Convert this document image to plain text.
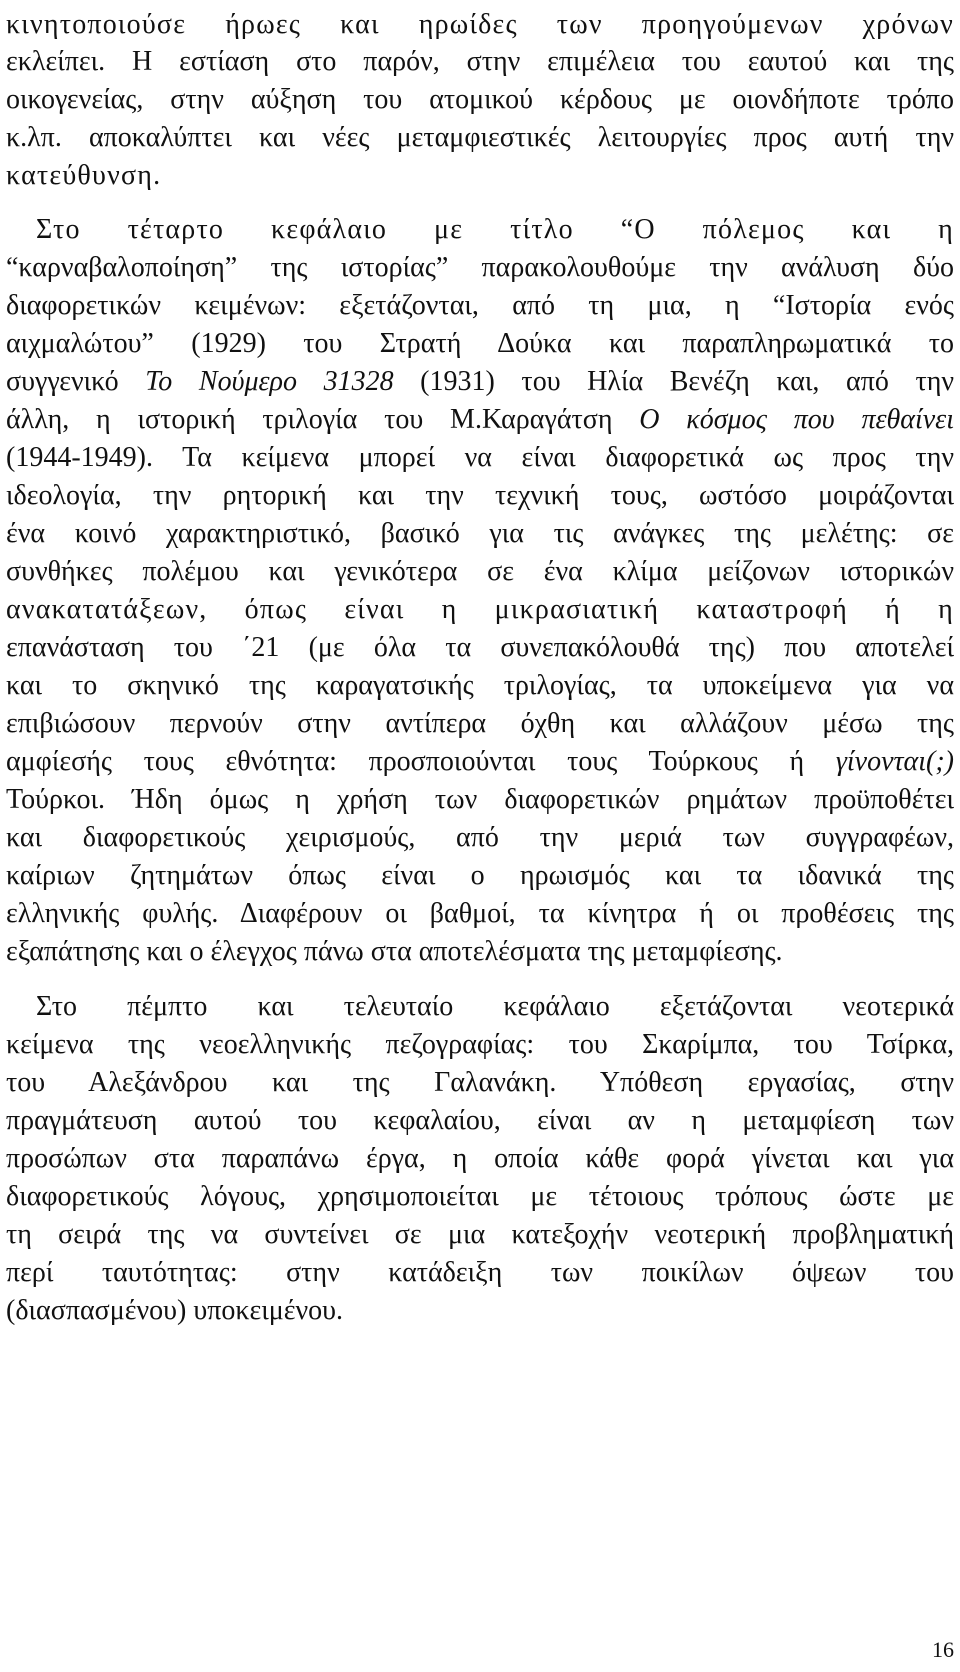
κινητοποιούσε ήρωες και ηρωίδες των προηγούμενων χρόνων
εκλείπει. Η εστίαση στο παρόν, στην επιμέλεια του εαυτού και της
οικογενείας, στην αύξηση του ατομικού κέρδους με οιονδήποτε τρόπο
κ.λπ. αποκαλύπτει και νέες μεταμφιεστικές λειτουργίες προς αυτή την
κατεύθυνση.
Στο τέταρτο κεφάλαιο με τίτλο “Ο πόλεμος και η
“καρναβαλοποίηση” της ιστορίας” παρακολουθούμε την ανάλυση δύο
διαφορετικών κειμένων: εξετάζονται, από τη μια, η “Ιστορία ενός
αιχμαλώτου” (1929) του Στρατή Δούκα και παραπληρωματικά το
συγγενικό Το Νούμερο 31328 (1931) του Ηλία Βενέζη και, από την
άλλη, η ιστορική τριλογία του Μ.Καραγάτση Ο κόσμος που πεθαίνει
(1944-1949). Τα κείμενα μπορεί να είναι διαφορετικά ως προς την
ιδεολογία, την ρητορική και την τεχνική τους, ωστόσο μοιράζονται
ένα κοινό χαρακτηριστικό, βασικό για τις ανάγκες της μελέτης: σε
συνθήκες πολέμου και γενικότερα σε ένα κλίμα μείζονων ιστορικών
ανακατατάξεων, όπως είναι η μικρασιατική καταστροφή ή η
επανάσταση του ΄21 (με όλα τα συνεπακόλουθά της) που αποτελεί
και το σκηνικό της καραγατσικής τριλογίας, τα υποκείμενα για να
επιβιώσουν περνούν στην αντίπερα όχθη και αλλάζουν μέσω της
αμφίεσής τους εθνότητα: προσποιούνται τους Τούρκους ή γίνονται(;)
Τούρκοι. Ήδη όμως η χρήση των διαφορετικών ρημάτων προϋποθέτει
και διαφορετικούς χειρισμούς, από την μεριά των συγγραφέων,
καίριων ζητημάτων όπως είναι ο ηρωισμός και τα ιδανικά της
ελληνικής φυλής. Διαφέρουν οι βαθμοί, τα κίνητρα ή οι προθέσεις της
εξαπάτησης και ο έλεγχος πάνω στα αποτελέσματα της μεταμφίεσης.
Στο πέμπτο και τελευταίο κεφάλαιο εξετάζονται νεοτερικά
κείμενα της νεοελληνικής πεζογραφίας: του Σκαρίμπα, του Τσίρκα,
του Αλεξάνδρου και της Γαλανάκη. Υπόθεση εργασίας, στην
πραγμάτευση αυτού του κεφαλαίου, είναι αν η μεταμφίεση των
προσώπων στα παραπάνω έργα, η οποία κάθε φορά γίνεται και για
διαφορετικούς λόγους, χρησιμοποιείται με τέτοιους τρόπους ώστε με
τη σειρά της να συντείνει σε μια κατεξοχήν νεοτερική προβληματική
περί ταυτότητας: στην κατάδειξη των ποικίλων όψεων του
(διασπασμένου) υποκειμένου.
16
